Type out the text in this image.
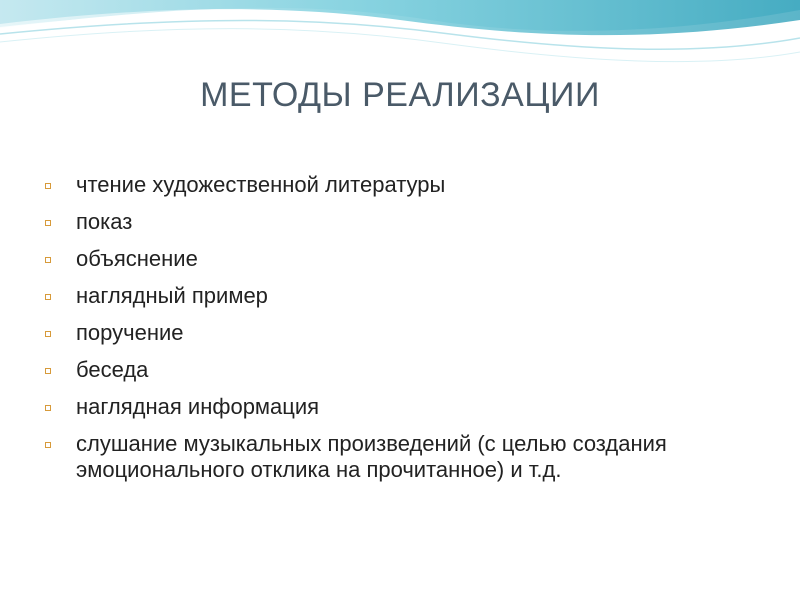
МЕТОДЫ РЕАЛИЗАЦИИ
чтение художественной литературы
показ
объяснение
наглядный пример
поручение
беседа
наглядная информация
слушание музыкальных произведений (с целью создания эмоционального отклика на прочитанное) и т.д.
